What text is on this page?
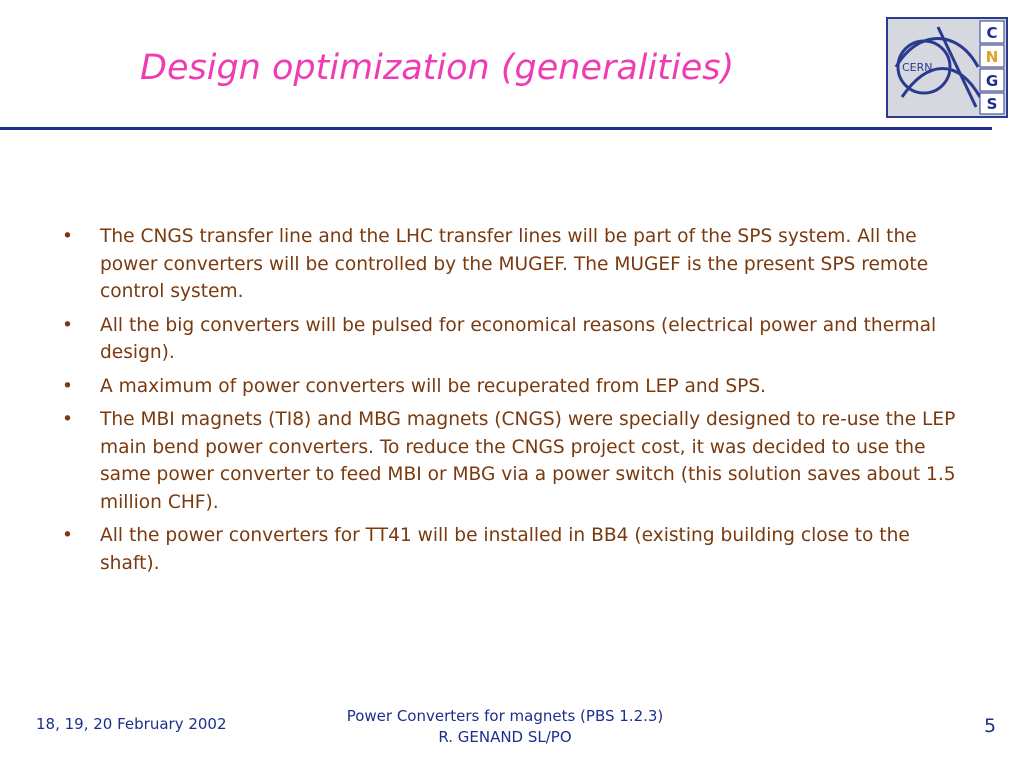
Design optimization (generalities)	CERN
C
N
G
S
• The CNGS transfer line and the LHC transfer lines will be part of the SPS system. All the power converters will be controlled by the MUGEF. The MUGEF is the present SPS remote control system.
• All the big converters will be pulsed for economical reasons (electrical power and thermal design).
• A maximum of power converters will be recuperated from LEP and SPS.
• The MBI magnets (TI8) and MBG magnets (CNGS) were specially designed to re-use the LEP main bend power converters. To reduce the CNGS project cost, it was decided to use the same power converter to feed MBI or MBG via a power switch (this solution saves about 1.5 million CHF).
• All the power converters for TT41 will be installed in BB4 (existing building close to the shaft).
18, 19, 20 February 2002	Power Converters for magnets (PBS 1.2.3)
R. GENAND SL/PO	5
